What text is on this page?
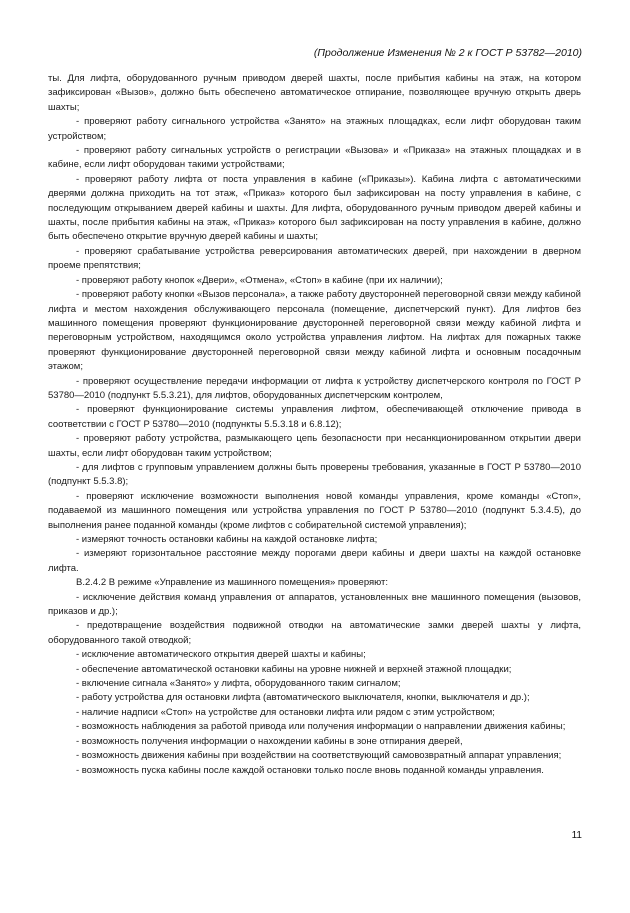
(Продолжение Изменения № 2 к ГОСТ Р 53782—2010)

ты. Для лифта, оборудованного ручным приводом дверей шахты, после прибытия кабины на этаж, на котором зафиксирован «Вызов», должно быть обеспечено автоматическое отпирание, позволяющее вручную открыть дверь шахты;

- проверяют работу сигнального устройства «Занято» на этажных площадках, если лифт оборудован таким устройством;

- проверяют работу сигнальных устройств о регистрации «Вызова» и «Приказа» на этажных площадках и в кабине, если лифт оборудован такими устройствами;

- проверяют работу лифта от поста управления в кабине («Приказы»). Кабина лифта с автоматическими дверями должна приходить на тот этаж, «Приказ» которого был зафиксирован на посту управления в кабине, с последующим открыванием дверей кабины и шахты. Для лифта, оборудованного ручным приводом дверей кабины и шахты, после прибытия кабины на этаж, «Приказ» которого был зафиксирован на посту управления в кабине, должно быть обеспечено открытие вручную дверей кабины и шахты;

- проверяют срабатывание устройства реверсирования автоматических дверей, при нахождении в дверном проеме препятствия;

- проверяют работу кнопок «Двери», «Отмена», «Стоп» в кабине (при их наличии);

- проверяют работу кнопки «Вызов персонала», а также работу двусторонней переговорной связи между кабиной лифта и местом нахождения обслуживающего персонала (помещение, диспетчерский пункт). Для лифтов без машинного помещения проверяют функционирование двусторонней переговорной связи между кабиной лифта и переговорным устройством, находящимся около устройства управления лифтом. На лифтах для пожарных также проверяют функционирование двусторонней переговорной связи между кабиной лифта и основным посадочным этажом;

- проверяют осуществление передачи информации от лифта к устройству диспетчерского контроля по ГОСТ Р 53780—2010 (подпункт 5.5.3.21), для лифтов, оборудованных диспетчерским контролем,

- проверяют функционирование системы управления лифтом, обеспечивающей отключение привода в соответствии с ГОСТ Р 53780—2010 (подпункты 5.5.3.18 и 6.8.12);

- проверяют работу устройства, размыкающего цепь безопасности при несанкционированном открытии двери шахты, если лифт оборудован таким устройством;

- для лифтов с групповым управлением должны быть проверены требования, указанные в ГОСТ Р 53780—2010 (подпункт 5.5.3.8);

- проверяют исключение возможности выполнения новой команды управления, кроме команды «Стоп», подаваемой из машинного помещения или устройства управления по ГОСТ Р 53780—2010 (подпункт 5.3.4.5), до выполнения ранее поданной команды (кроме лифтов с собирательной системой управления);

- измеряют точность остановки кабины на каждой остановке лифта;

- измеряют горизонтальное расстояние между порогами двери кабины и двери шахты на каждой остановке лифта.

В.2.4.2 В режиме «Управление из машинного помещения» проверяют:

- исключение действия команд управления от аппаратов, установленных вне машинного помещения (вызовов, приказов и др.);

- предотвращение воздействия подвижной отводки на автоматические замки дверей шахты у лифта, оборудованного такой отводкой;

- исключение автоматического открытия дверей шахты и кабины;

- обеспечение автоматической остановки кабины на уровне нижней и верхней этажной площадки;

- включение сигнала «Занято» у лифта, оборудованного таким сигналом;

- работу устройства для остановки лифта (автоматического выключателя, кнопки, выключателя и др.);

- наличие надписи «Стоп» на устройстве для остановки лифта или рядом с этим устройством;

- возможность наблюдения за работой привода или получения информации о направлении движения кабины;

- возможность получения информации о нахождении кабины в зоне отпирания дверей,

- возможность движения кабины при воздействии на соответствующий самовозвратный аппарат управления;

- возможность пуска кабины после каждой остановки только после вновь поданной команды управления.

11
